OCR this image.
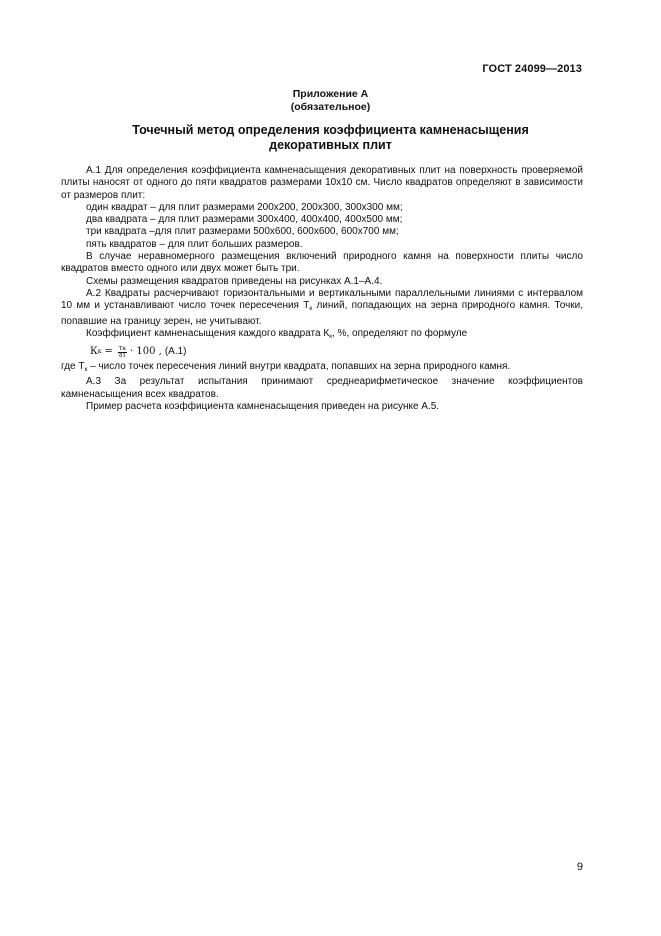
ГОСТ 24099—2013
Приложение А
(обязательное)
Точечный метод определения коэффициента камненасыщения
декоративных плит

А.1 Для определения коэффициента камненасыщения декоративных плит на поверхность проверяемой плиты наносят от одного до пяти квадратов размерами 10х10 см. Число квадратов определяют в зависимости от размеров плит:

один квадрат – для плит размерами 200х200, 200х300, 300х300 мм;

два квадрата – для плит размерами 300х400, 400х400, 400х500 мм;

три квадрата –для плит размерами 500х600, 600х600, 600х700 мм;

пять квадратов – для плит больших размеров.

В случае неравномерного размещения включений природного камня на поверхности плиты число квадратов вместо одного или двух может быть три.

Схемы размещения квадратов приведены на рисунках А.1–А.4.

А.2 Квадраты расчерчивают горизонтальными и вертикальными параллельными линиями с интервалом 10 мм и устанавливают число точек пересечения $Т_к$ линий, попадающих на зерна природного камня. Точки, попавшие на границу зерен, не учитывают.

Коэффициент камненасыщения каждого квадрата $К_к$, %, определяют по формуле

К $к = \frac{Тк}{81} \cdot 100$ , (А.1)

где $Т_к$ – число точек пересечения линий внутри квадрата, попавших на зерна природного камня.

А.3 За результат испытания принимают среднеарифметическое значение коэффициентов камненасыщения всех квадратов.

Пример расчета коэффициента камненасыщения приведен на рисунке А.5.

9
